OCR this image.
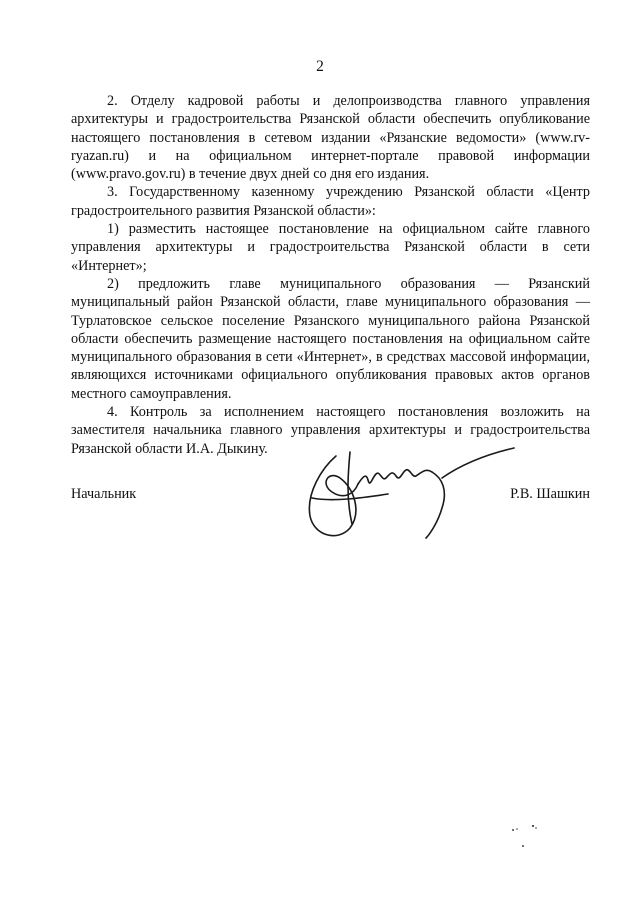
2

2. Отделу кадровой работы и делопроизводства главного управления архитектуры и градостроительства Рязанской области обеспечить опубликование настоящего постановления в сетевом издании «Рязанские ведомости» (www.rv-ryazan.ru) и на официальном интернет-портале правовой информации (www.pravo.gov.ru) в течение двух дней со дня его издания.

3. Государственному казенному учреждению Рязанской области «Центр градостроительного развития Рязанской области»:

1) разместить настоящее постановление на официальном сайте главного управления архитектуры и градостроительства Рязанской области в сети «Интернет»;

2) предложить главе муниципального образования — Рязанский муниципальный район Рязанской области, главе муниципального образования — Турлатовское сельское поселение Рязанского муниципального района Рязанской области обеспечить размещение настоящего постановления на официальном сайте муниципального образования в сети «Интернет», в средствах массовой информации, являющихся источниками официального опубликования правовых актов органов местного самоуправления.

4. Контроль за исполнением настоящего постановления возложить на заместителя начальника главного управления архитектуры и градостроительства Рязанской области И.А. Дыкину.

Начальник	Р.В. Шашкин
